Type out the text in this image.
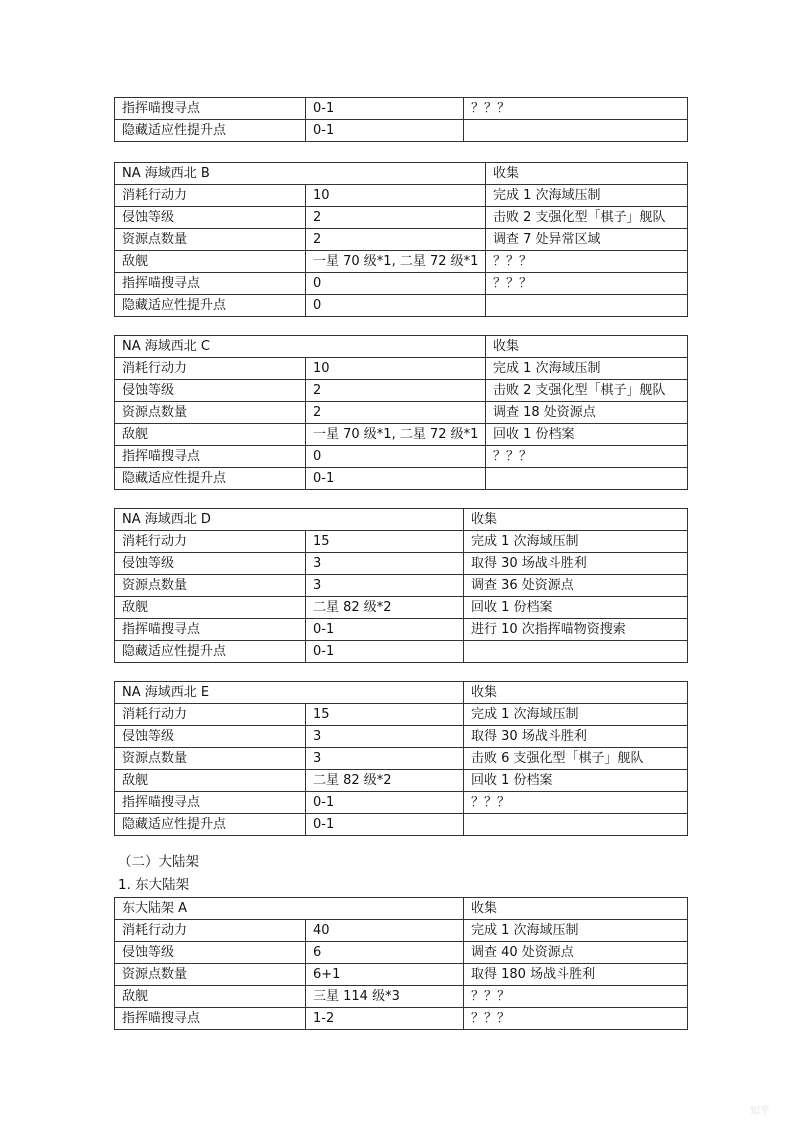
指挥喵搜寻点	0-1	？？？
隐藏适应性提升点	0-1	
NA 海域西北 B		收集
消耗行动力	10	完成 1 次海域压制
侵蚀等级	2	击败 2 支强化型「棋子」舰队
资源点数量	2	调查 7 处异常区域
敌舰	一星 70 级*1, 二星 72 级*1	？？？
指挥喵搜寻点	0	？？？
隐藏适应性提升点	0	
NA 海域西北 C		收集
消耗行动力	10	完成 1 次海域压制
侵蚀等级	2	击败 2 支强化型「棋子」舰队
资源点数量	2	调查 18 处资源点
敌舰	一星 70 级*1, 二星 72 级*1	回收 1 份档案
指挥喵搜寻点	0	？？？
隐藏适应性提升点	0-1	
NA 海域西北 D		收集
消耗行动力	15	完成 1 次海域压制
侵蚀等级	3	取得 30 场战斗胜利
资源点数量	3	调查 36 处资源点
敌舰	二星 82 级*2	回收 1 份档案
指挥喵搜寻点	0-1	进行 10 次指挥喵物资搜索
隐藏适应性提升点	0-1	
NA 海域西北 E		收集
消耗行动力	15	完成 1 次海域压制
侵蚀等级	3	取得 30 场战斗胜利
资源点数量	3	击败 6 支强化型「棋子」舰队
敌舰	二星 82 级*2	回收 1 份档案
指挥喵搜寻点	0-1	？？？
隐藏适应性提升点	0-1	
东大陆架 A		收集
消耗行动力	40	完成 1 次海域压制
侵蚀等级	6	调查 40 处资源点
资源点数量	6+1	取得 180 场战斗胜利
敌舰	三星 114 级*3	？？？
指挥喵搜寻点	1-2	？？？
（二）大陆架
1. 东大陆架
知乎
